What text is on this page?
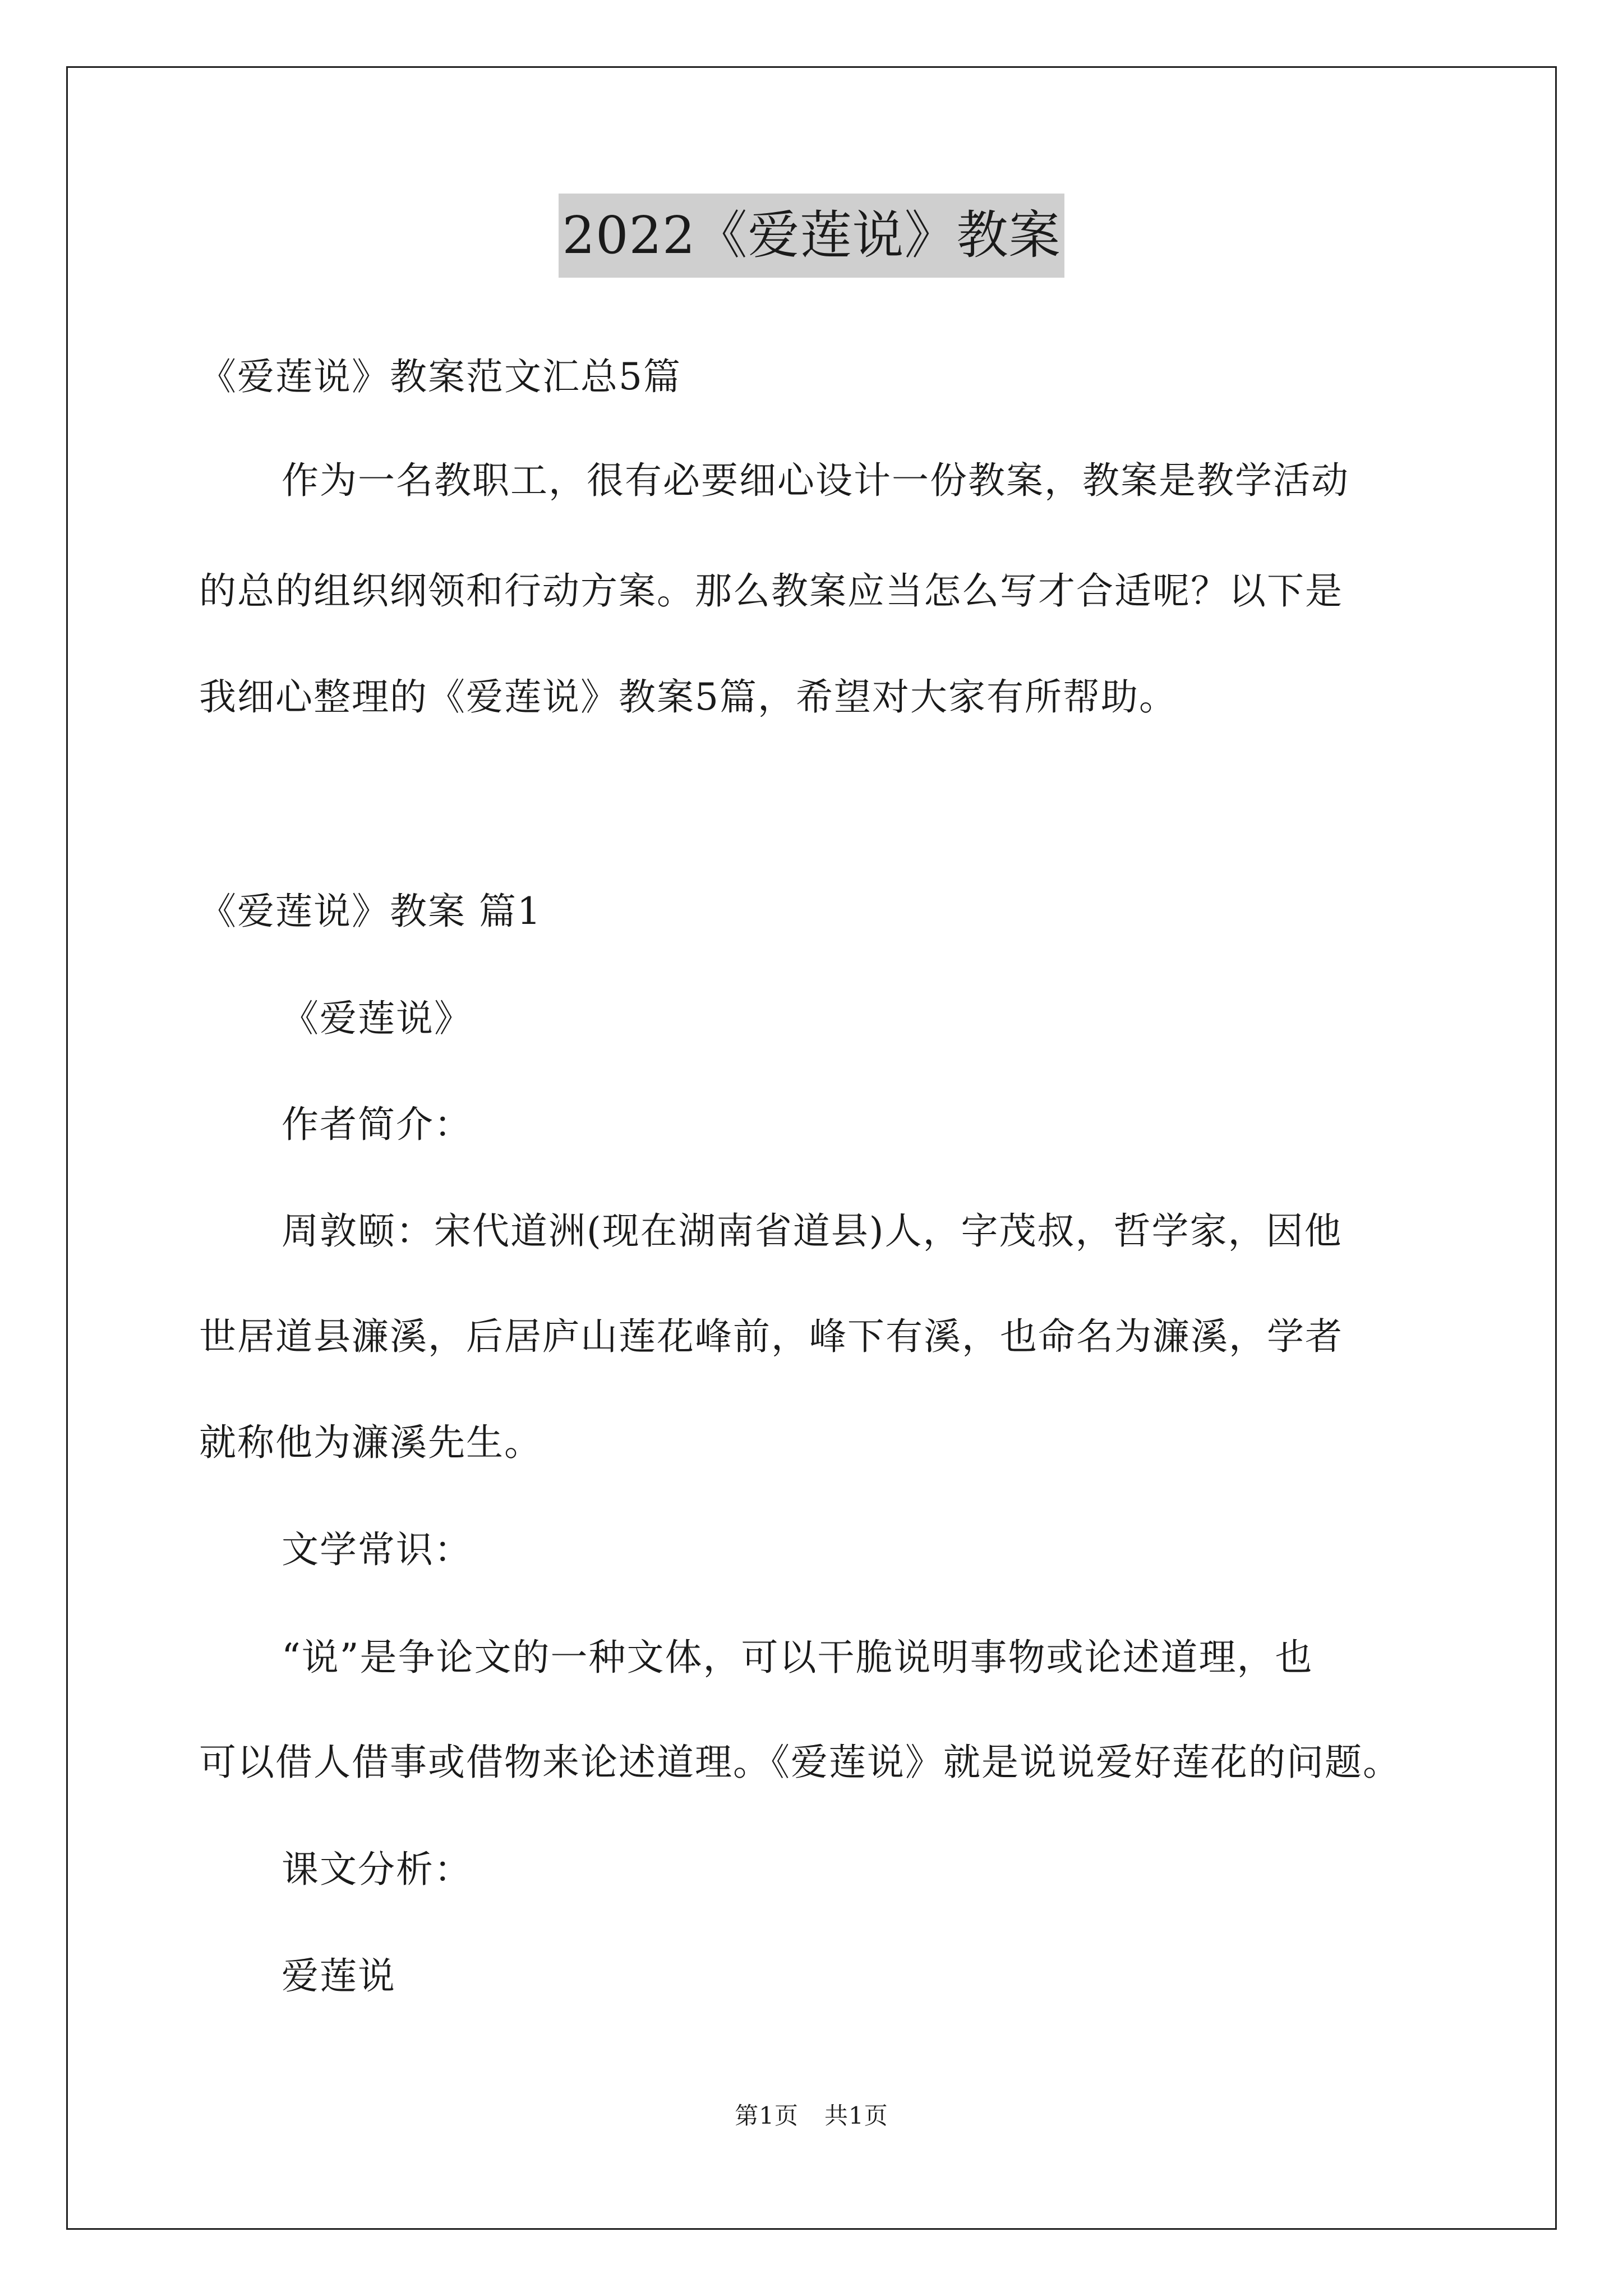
2022《爱莲说》教案
《爱莲说》教案范文汇总5篇
作为一名教职工，很有必要细心设计一份教案，教案是教学活动
的总的组织纲领和行动方案。那么教案应当怎么写才合适呢？以下是
我细心整理的《爱莲说》教案5篇，希望对大家有所帮助。
《爱莲说》教案 篇1
《爱莲说》
作者简介：
周敦颐：宋代道洲(现在湖南省道县)人，字茂叔，哲学家，因他
世居道县濂溪，后居庐山莲花峰前，峰下有溪，也命名为濂溪，学者
就称他为濂溪先生。
文学常识：
“说”是争论文的一种文体，可以干脆说明事物或论述道理，也
可以借人借事或借物来论述道理。《爱莲说》就是说说爱好莲花的问题。
课文分析：
爱莲说
第1页 共1页
